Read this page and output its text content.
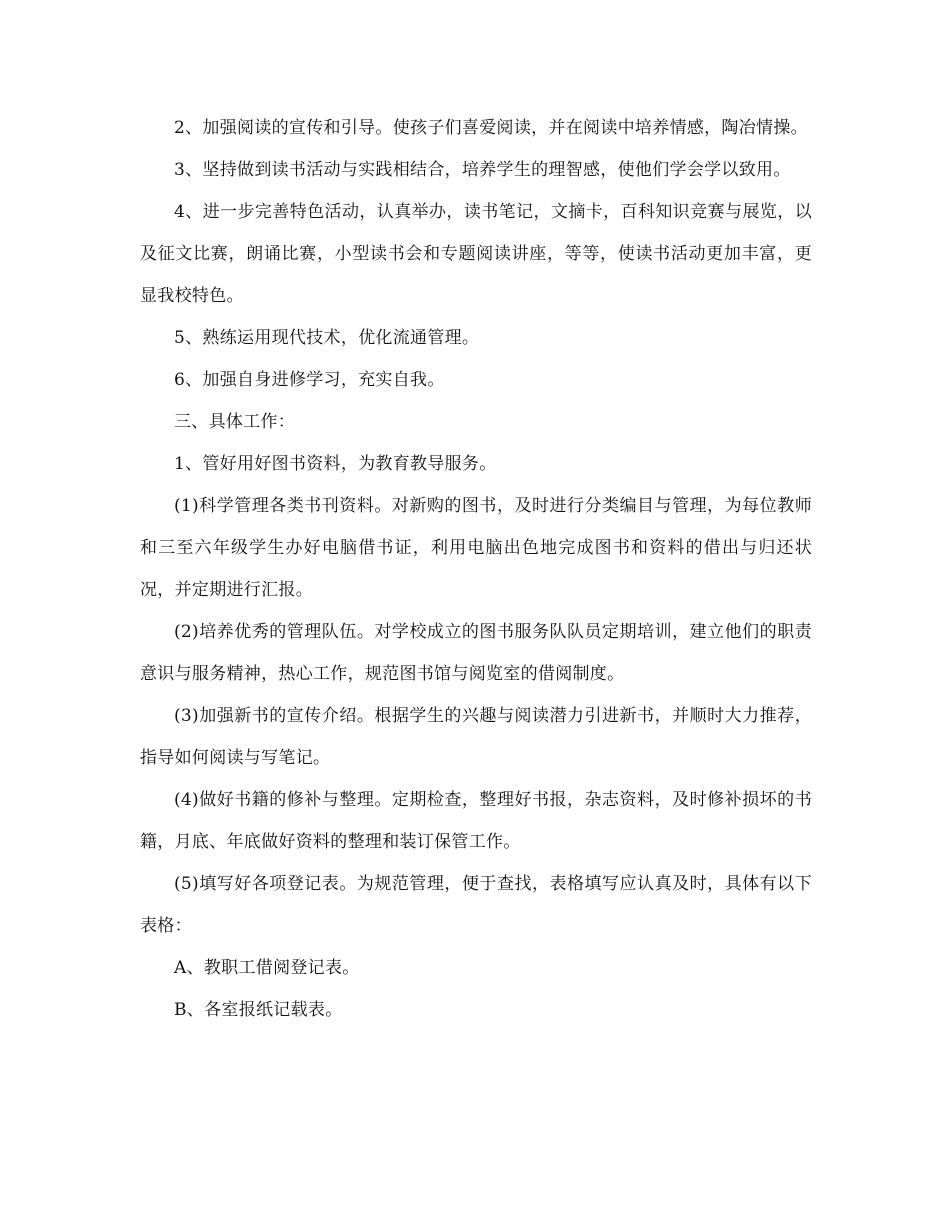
2、加强阅读的宣传和引导。使孩子们喜爱阅读，并在阅读中培养情感，陶冶情操。

3、坚持做到读书活动与实践相结合，培养学生的理智感，使他们学会学以致用。

4、进一步完善特色活动，认真举办，读书笔记，文摘卡，百科知识竞赛与展览，以及征文比赛，朗诵比赛，小型读书会和专题阅读讲座，等等，使读书活动更加丰富，更显我校特色。

5、熟练运用现代技术，优化流通管理。

6、加强自身进修学习，充实自我。

三、具体工作：

1、管好用好图书资料，为教育教导服务。

(1)科学管理各类书刊资料。对新购的图书，及时进行分类编目与管理，为每位教师和三至六年级学生办好电脑借书证，利用电脑出色地完成图书和资料的借出与归还状况，并定期进行汇报。

(2)培养优秀的管理队伍。对学校成立的图书服务队队员定期培训，建立他们的职责意识与服务精神，热心工作，规范图书馆与阅览室的借阅制度。

(3)加强新书的宣传介绍。根据学生的兴趣与阅读潜力引进新书，并顺时大力推荐，指导如何阅读与写笔记。

(4)做好书籍的修补与整理。定期检查，整理好书报，杂志资料，及时修补损坏的书籍，月底、年底做好资料的整理和装订保管工作。

(5)填写好各项登记表。为规范管理，便于查找，表格填写应认真及时，具体有以下表格：

A、教职工借阅登记表。

B、各室报纸记载表。
